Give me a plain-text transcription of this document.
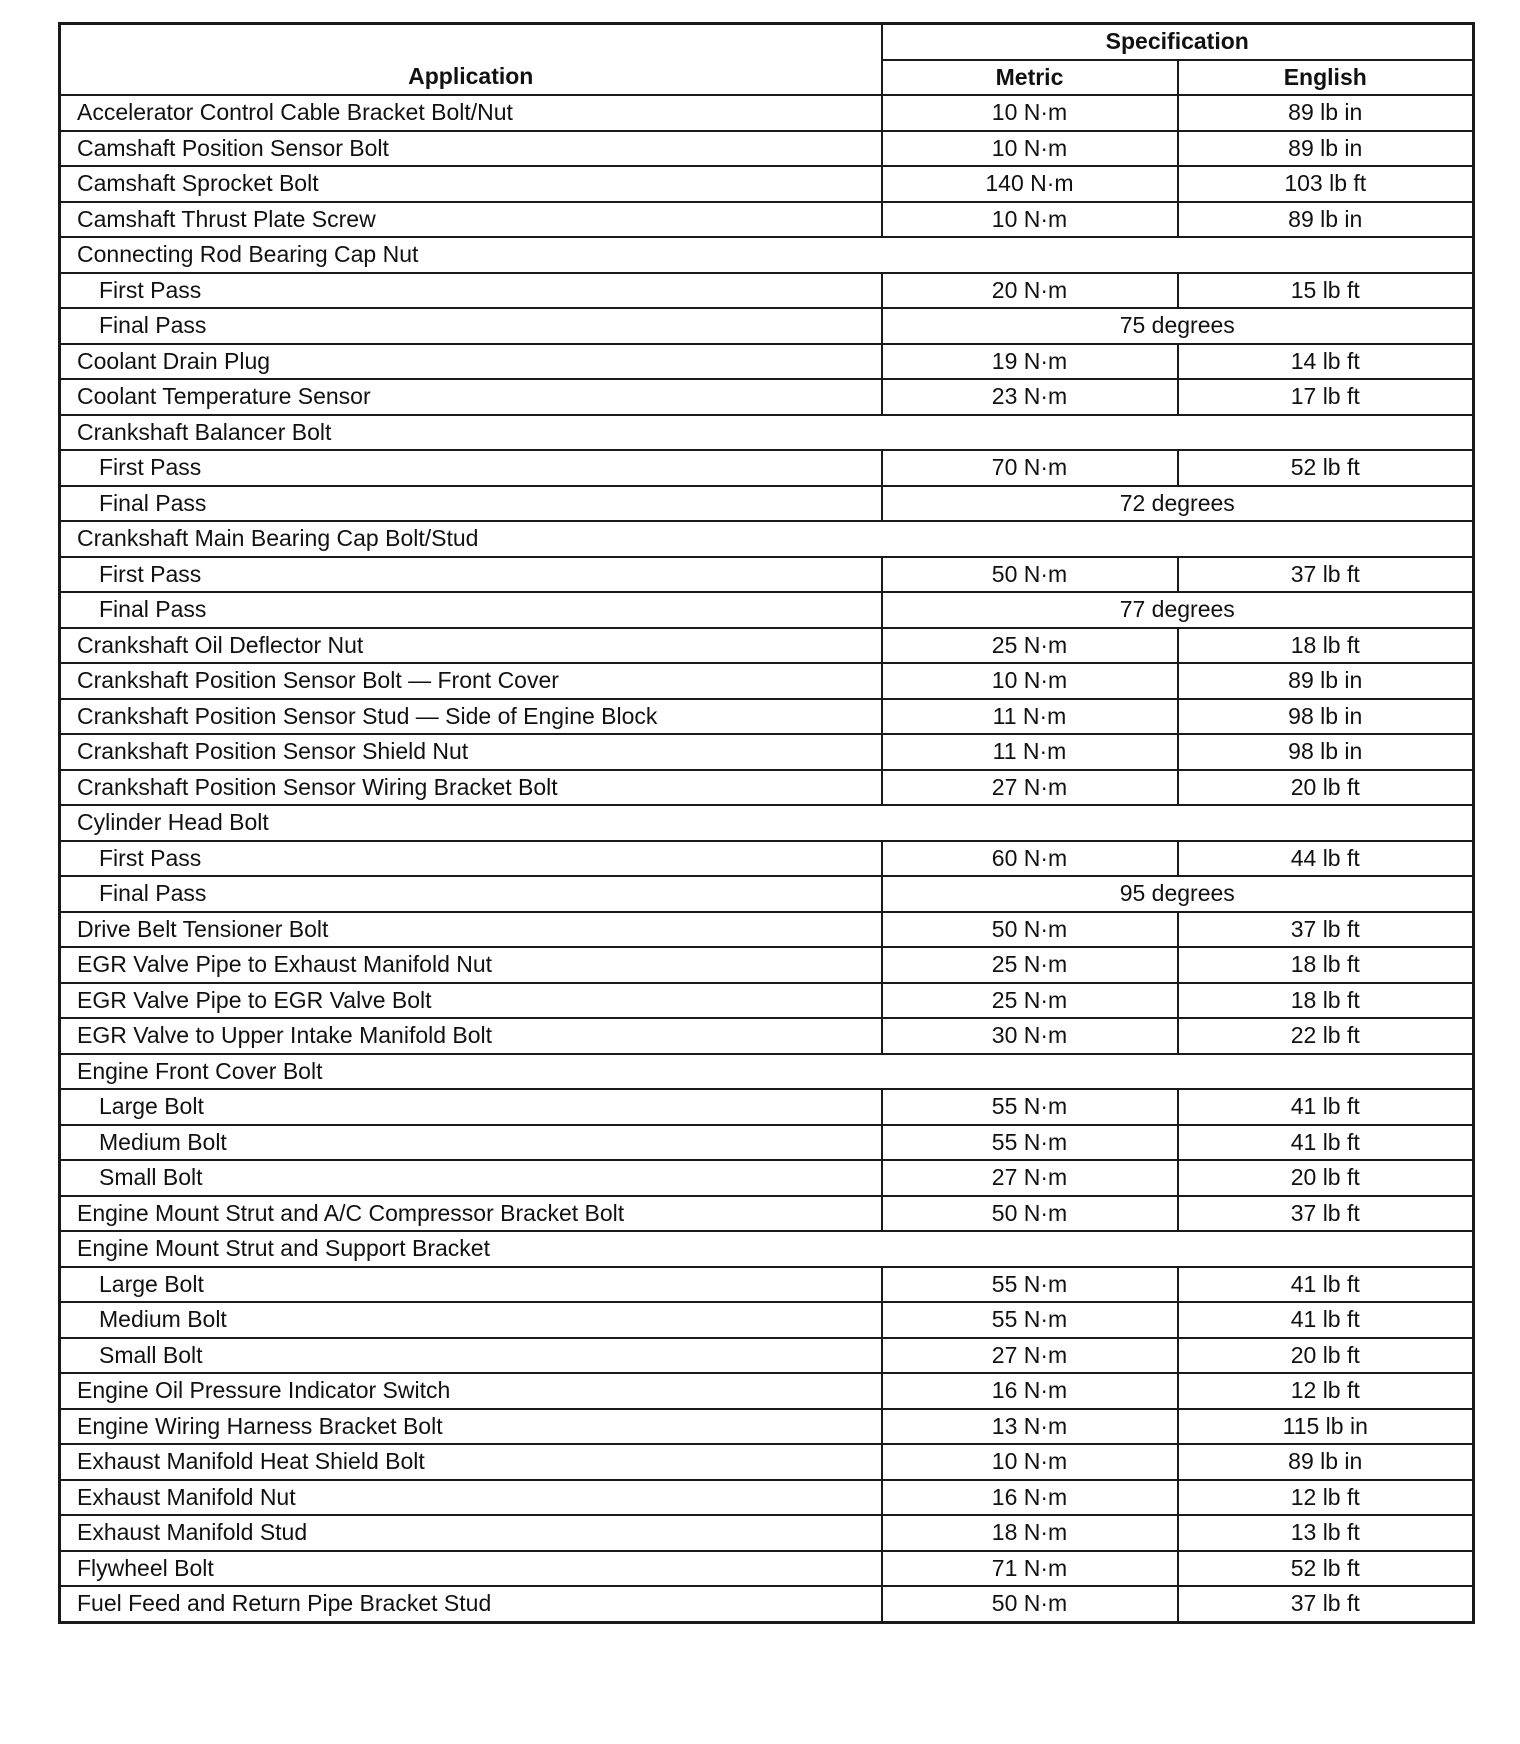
Application	Specification	
	Metric	English
Accelerator Control Cable Bracket Bolt/Nut	10 N·m	89 lb in
Camshaft Position Sensor Bolt	10 N·m	89 lb in
Camshaft Sprocket Bolt	140 N·m	103 lb ft
Camshaft Thrust Plate Screw	10 N·m	89 lb in
Connecting Rod Bearing Cap Nut		
First Pass	20 N·m	15 lb ft
Final Pass	75 degrees	
Coolant Drain Plug	19 N·m	14 lb ft
Coolant Temperature Sensor	23 N·m	17 lb ft
Crankshaft Balancer Bolt		
First Pass	70 N·m	52 lb ft
Final Pass	72 degrees	
Crankshaft Main Bearing Cap Bolt/Stud		
First Pass	50 N·m	37 lb ft
Final Pass	77 degrees	
Crankshaft Oil Deflector Nut	25 N·m	18 lb ft
Crankshaft Position Sensor Bolt — Front Cover	10 N·m	89 lb in
Crankshaft Position Sensor Stud — Side of Engine Block	11 N·m	98 lb in
Crankshaft Position Sensor Shield Nut	11 N·m	98 lb in
Crankshaft Position Sensor Wiring Bracket Bolt	27 N·m	20 lb ft
Cylinder Head Bolt		
First Pass	60 N·m	44 lb ft
Final Pass	95 degrees	
Drive Belt Tensioner Bolt	50 N·m	37 lb ft
EGR Valve Pipe to Exhaust Manifold Nut	25 N·m	18 lb ft
EGR Valve Pipe to EGR Valve Bolt	25 N·m	18 lb ft
EGR Valve to Upper Intake Manifold Bolt	30 N·m	22 lb ft
Engine Front Cover Bolt		
Large Bolt	55 N·m	41 lb ft
Medium Bolt	55 N·m	41 lb ft
Small Bolt	27 N·m	20 lb ft
Engine Mount Strut and A/C Compressor Bracket Bolt	50 N·m	37 lb ft
Engine Mount Strut and Support Bracket		
Large Bolt	55 N·m	41 lb ft
Medium Bolt	55 N·m	41 lb ft
Small Bolt	27 N·m	20 lb ft
Engine Oil Pressure Indicator Switch	16 N·m	12 lb ft
Engine Wiring Harness Bracket Bolt	13 N·m	115 lb in
Exhaust Manifold Heat Shield Bolt	10 N·m	89 lb in
Exhaust Manifold Nut	16 N·m	12 lb ft
Exhaust Manifold Stud	18 N·m	13 lb ft
Flywheel Bolt	71 N·m	52 lb ft
Fuel Feed and Return Pipe Bracket Stud	50 N·m	37 lb ft
